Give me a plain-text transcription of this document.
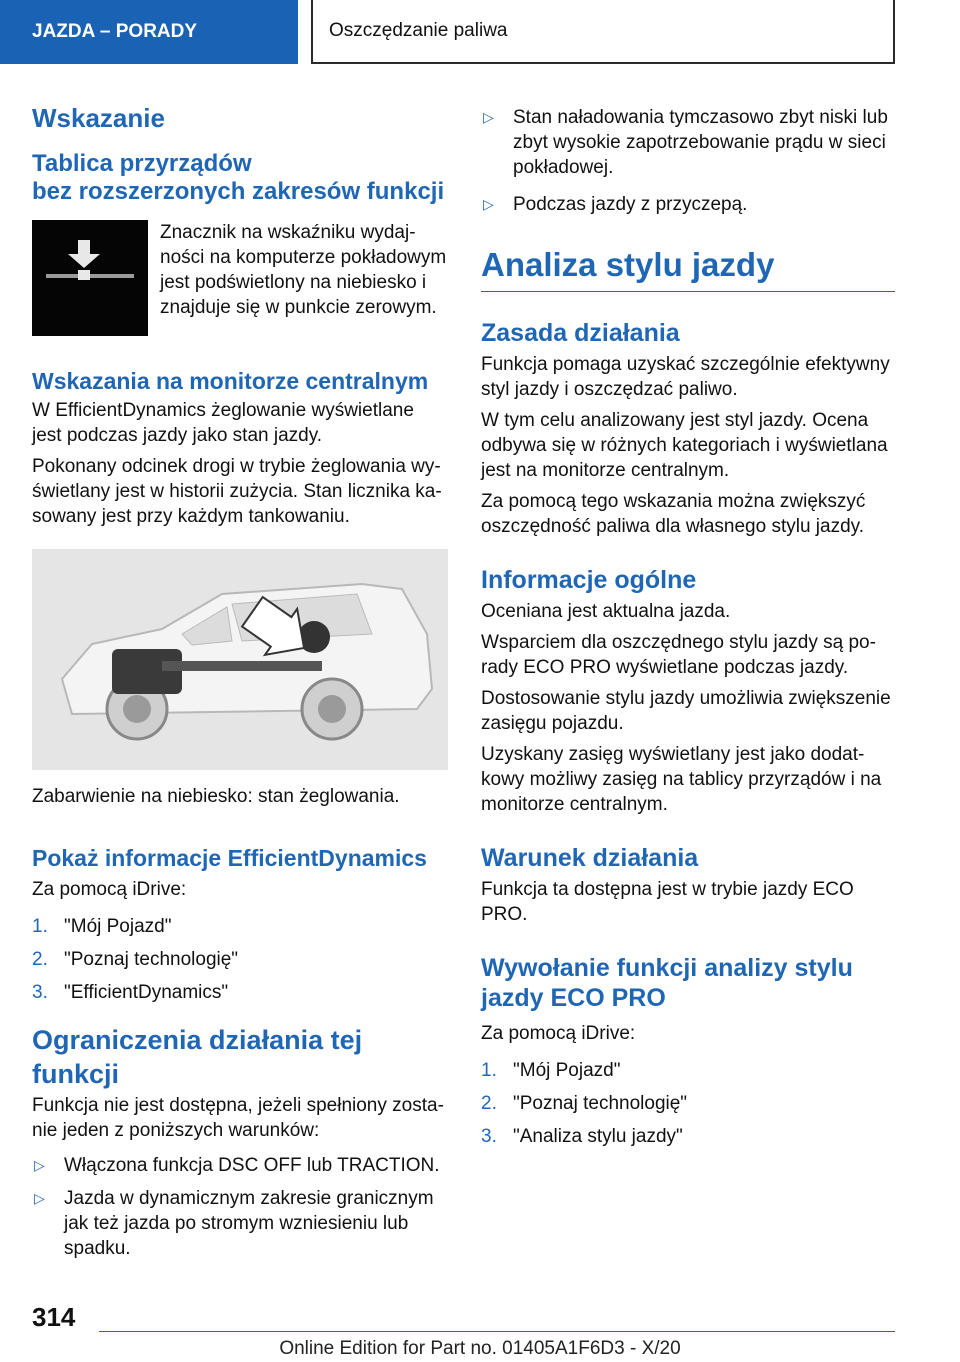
JAZDA – PORADY	Oszczędzanie paliwa
Wskazanie
Tablica przyrządów
bez rozszerzonych zakresów funkcji

Znacznik na wskaźniku wydajności na komputerze pokładowym jest podświetlony na niebiesko i znajduje się w punkcie zerowym.

Wskazania na monitorze centralnym

W EfficientDynamics żeglowanie wyświetlane jest podczas jazdy jako stan jazdy.

Pokonany odcinek drogi w trybie żeglowania wyświetlany jest w historii zużycia. Stan licznika kasowany jest przy każdym tankowaniu.

Zabarwienie na niebiesko: stan żeglowania.

Pokaż informacje EfficientDynamics

Za pomocą iDrive:

1. "Mój Pojazd"
2. "Poznaj technologię"
3. "EfficientDynamics"
Ograniczenia działania tej funkcji

Funkcja nie jest dostępna, jeżeli spełniony zostanie jeden z poniższych warunków:

▷ Włączona funkcja DSC OFF lub TRACTION.
▷ Jazda w dynamicznym zakresie granicznym jak też jazda po stromym wzniesieniu lub spadku.
▷ Stan naładowania tymczasowo zbyt niski lub zbyt wysokie zapotrzebowanie prądu w sieci pokładowej.
▷ Podczas jazdy z przyczepą.
Analiza stylu jazdy
Zasada działania

Funkcja pomaga uzyskać szczególnie efektywny styl jazdy i oszczędzać paliwo.

W tym celu analizowany jest styl jazdy. Ocena odbywa się w różnych kategoriach i wyświetlana jest na monitorze centralnym.

Za pomocą tego wskazania można zwiększyć oszczędność paliwa dla własnego stylu jazdy.

Informacje ogólne

Oceniana jest aktualna jazda.

Wsparciem dla oszczędnego stylu jazdy są porady ECO PRO wyświetlane podczas jazdy.

Dostosowanie stylu jazdy umożliwia zwiększenie zasięgu pojazdu.

Uzyskany zasięg wyświetlany jest jako dodatkowy możliwy zasięg na tablicy przyrządów i na monitorze centralnym.

Warunek działania

Funkcja ta dostępna jest w trybie jazdy ECO PRO.

Wywołanie funkcji analizy stylu jazdy ECO PRO

Za pomocą iDrive:

1. "Mój Pojazd"
2. "Poznaj technologię"
3. "Analiza stylu jazdy"
314
Online Edition for Part no. 01405A1F6D3 - X/20
